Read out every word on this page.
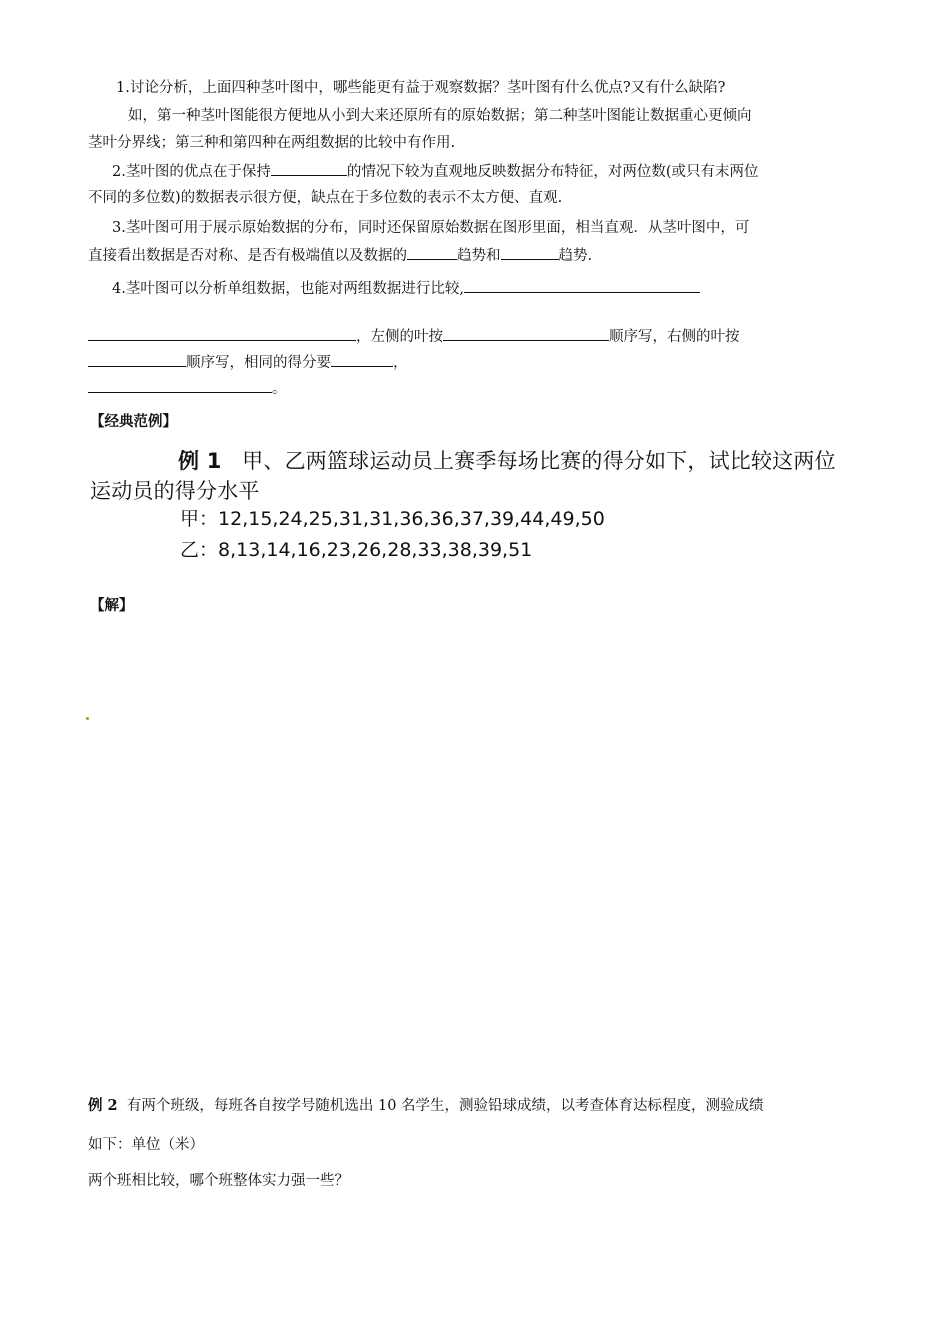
1.讨论分析，上面四种茎叶图中，哪些能更有益于观察数据？茎叶图有什么优点?又有什么缺陷?
如，第一种茎叶图能很方便地从小到大来还原所有的原始数据；第二种茎叶图能让数据重心更倾向
茎叶分界线；第三种和第四种在两组数据的比较中有作用.
2.茎叶图的优点在于保持	的情况下较为直观地反映数据分布特征，对两位数(或只有末两位
不同的多位数)的数据表示很方便，缺点在于多位数的表示不太方便、直观.
3.茎叶图可用于展示原始数据的分布，同时还保留原始数据在图形里面，相当直观．从茎叶图中，可
直接看出数据是否对称、是否有极端值以及数据的	趋势和	趋势.
4.茎叶图可以分析单组数据，也能对两组数据进行比较,
，左侧的叶按	顺序写，右侧的叶按
顺序写，相同的得分要	，
。
【经典范例】
例 1 甲、乙两篮球运动员上赛季每场比赛的得分如下，试比较这两位
运动员的得分水平
甲：12,15,24,25,31,31,36,36,37,39,44,49,50
乙：8,13,14,16,23,26,28,33,38,39,51
【解】
例 2 有两个班级，每班各自按学号随机选出 10 名学生，测验铅球成绩，以考查体育达标程度，测验成绩
如下：单位（米）
两个班相比较，哪个班整体实力强一些？
